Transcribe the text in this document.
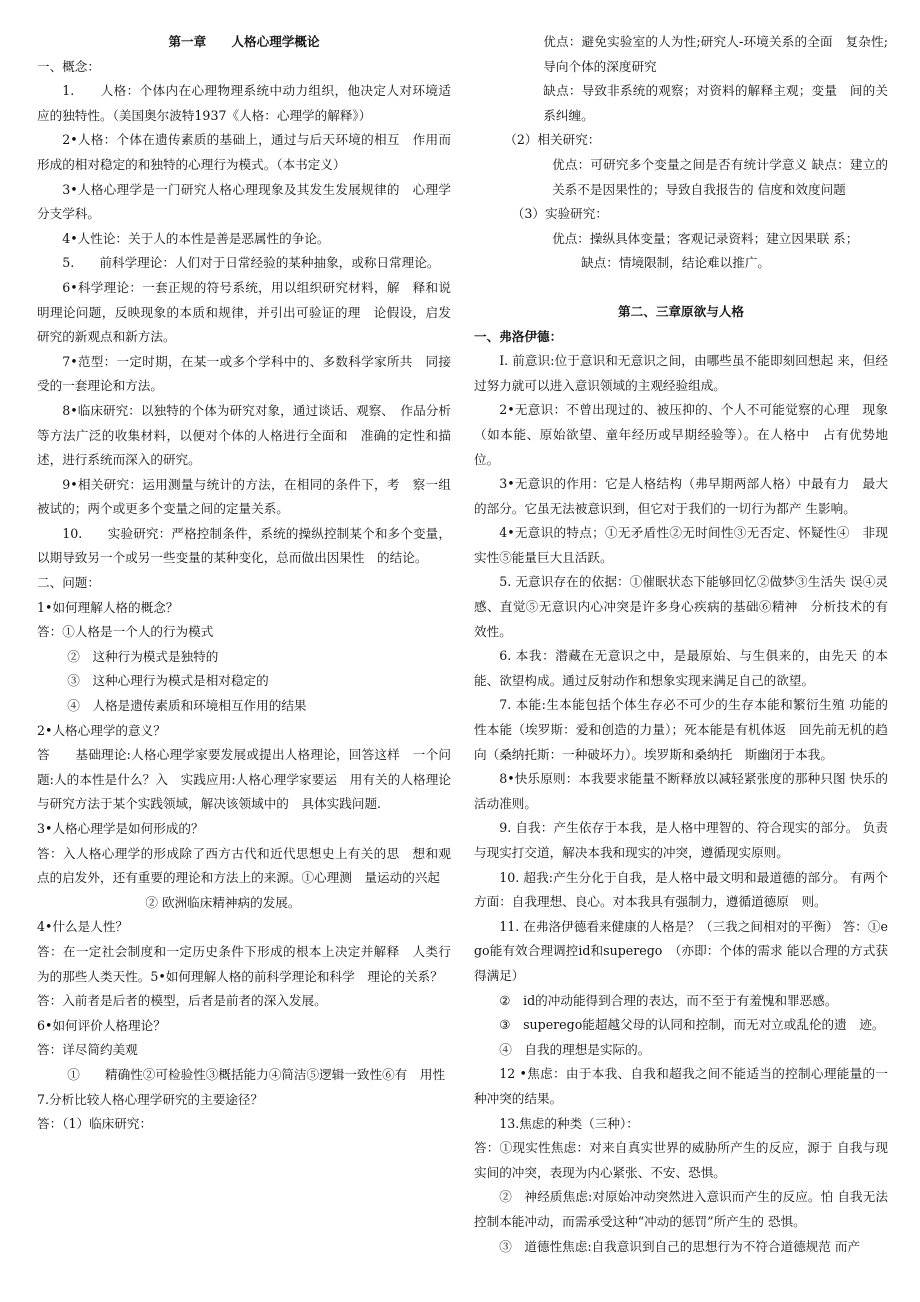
第一章　　人格心理学概论

一、概念：

1.　　人格：个体内在心理物理系统中动力组织，他决定人对环境适应的独特性。（美国奥尔波特1937《人格：心理学的解释》）

2•人格：个体在遗传素质的基础上，通过与后天环境的相互　作用而形成的相对稳定的和独特的心理行为模式。（本书定义）

3•人格心理学是一门研究人格心理现象及其发生发展规律的　心理学分支学科。

4•人性论：关于人的本性是善是恶属性的争论。

5.　　前科学理论：人们对于日常经验的某种抽象，或称日常理论。

6•科学理论：一套正规的符号系统，用以组织研究材料，解　释和说明理论问题，反映现象的本质和规律，并引出可验证的理　论假设，启发研究的新观点和新方法。

7•范型：一定时期，在某一或多个学科中的、多数科学家所共　同接受的一套理论和方法。

8•临床研究：以独特的个体为研究对象，通过谈话、观察、　作品分析等方法广泛的收集材料，以便对个体的人格进行全面和　准确的定性和描述，进行系统而深入的研究。

9•相关研究：运用测量与统计的方法，在相同的条件下，考　察一组被试的；两个或更多个变量之间的定量关系。

10.　　实验研究：严格控制条件，系统的操纵控制某个和多个变量，以期导致另一个或另一些变量的某种变化，总而做出因果性　的结论。

二、问题：

1•如何理解人格的概念？

答：①人格是一个人的行为模式

②　这种行为模式是独特的

③　这种心理行为模式是相对稳定的

④　人格是遗传素质和环境相互作用的结果

2•人格心理学的意义？

答　　基础理论:人格心理学家要发展或提出人格理论，回答这样　一个问题:人的本性是什么？入　实践应用:人格心理学家要运　用有关的人格理论与研究方法于某个实践领域，解决该领域中的　具体实践问题.

3•人格心理学是如何形成的？

答：入人格心理学的形成除了西方古代和近代思想史上有关的思　想和观点的启发外，还有重要的理论和方法上的来源。①心理测　量运动的兴起

② 欧洲临床精神病的发展。

4•什么是人性？

答：在一定社会制度和一定历史条件下形成的根本上决定并解释　人类行为的那些人类天性。5•如何理解人格的前科学理论和科学　理论的关系？

答：入前者是后者的模型，后者是前者的深入发展。

6•如何评价人格理论？

答：详尽简约美观

①　　精确性②可检验性③概括能力④简洁⑤逻辑一致性⑥有　用性

7.分析比较人格心理学研究的主要途径？

答：（1）临床研究：

优点：避免实验室的人为性;研究人-环境关系的全面　复杂性;导向个体的深度研究

缺点：导致非系统的观察；对资料的解释主观；变量　间的关系纠缠。

（2）相关研究：

优点：可研究多个变量之间是否有统计学意义 缺点：建立的关系不是因果性的；导致自我报告的 信度和效度问题

（3）实验研究：

优点：操纵具体变量；客观记录资料；建立因果联 系；

缺点：情境限制，结论难以推广。

第二、三章原欲与人格

一、弗洛伊德：

I. 前意识:位于意识和无意识之间，由哪些虽不能即刻回想起 来，但经过努力就可以进入意识领域的主观经验组成。

2•无意识：不曾出现过的、被压抑的、个人不可能觉察的心理　现象（如本能、原始欲望、童年经历或早期经验等）。在人格中　占有优势地位。

3•无意识的作用：它是人格结构（弗早期两部人格）中最有力　最大的部分。它虽无法被意识到，但它对于我们的一切行为都产 生影响。

4•无意识的特点；①无矛盾性②无时间性③无否定、怀疑性④　非现实性⑤能量巨大且活跃。

5. 无意识存在的依据：①催眠状态下能够回忆②做梦③生活失 误④灵感、直觉⑤无意识内心冲突是许多身心疾病的基础⑥精神　分析技术的有效性。

6. 本我：潜藏在无意识之中，是最原始、与生俱来的，由先天 的本能、欲望构成。通过反射动作和想象实现来满足自己的欲望。

7. 本能:生本能包括个体生存必不可少的生存本能和繁衍生殖 功能的性本能（埃罗斯：爱和创造的力量）；死本能是有机体返　回先前无机的趋向（桑纳托斯：一种破坏力）。埃罗斯和桑纳托　斯幽闭于本我。

8•快乐原则：本我要求能量不断释放以减轻紧张度的那种只图 快乐的活动准则。

9. 自我：产生依存于本我，是人格中理智的、符合现实的部分。 负责与现实打交道，解决本我和现实的冲突，遵循现实原则。

10. 超我:产生分化于自我，是人格中最文明和最道德的部分。 有两个方面：自我理想、良心。对本我具有强制力，遵循道德原　则。

11. 在弗洛伊德看来健康的人格是？（三我之间相对的平衡） 答：①ego能有效合理调控id和superego　（亦即：个体的需求 能以合理的方式获得满足）

②　id的冲动能得到合理的表达，而不至于有羞愧和罪恶感。

③　superego能超越父母的认同和控制，而无对立或乱伦的遗　迹。

④　自我的理想是实际的。

12 •焦虑：由于本我、自我和超我之间不能适当的控制心理能量的一种冲突的结果。

13.焦虑的种类（三种）：

答：①现实性焦虑：对来自真实世界的威胁所产生的反应，源于 自我与现实间的冲突，表现为内心紧张、不安、恐惧。

②　神经质焦虑:对原始冲动突然进入意识而产生的反应。怕 自我无法控制本能冲动，而需承受这种“冲动的惩罚”所产生的 恐惧。

③　道德性焦虑:自我意识到自己的思想行为不符合道德规范 而产
